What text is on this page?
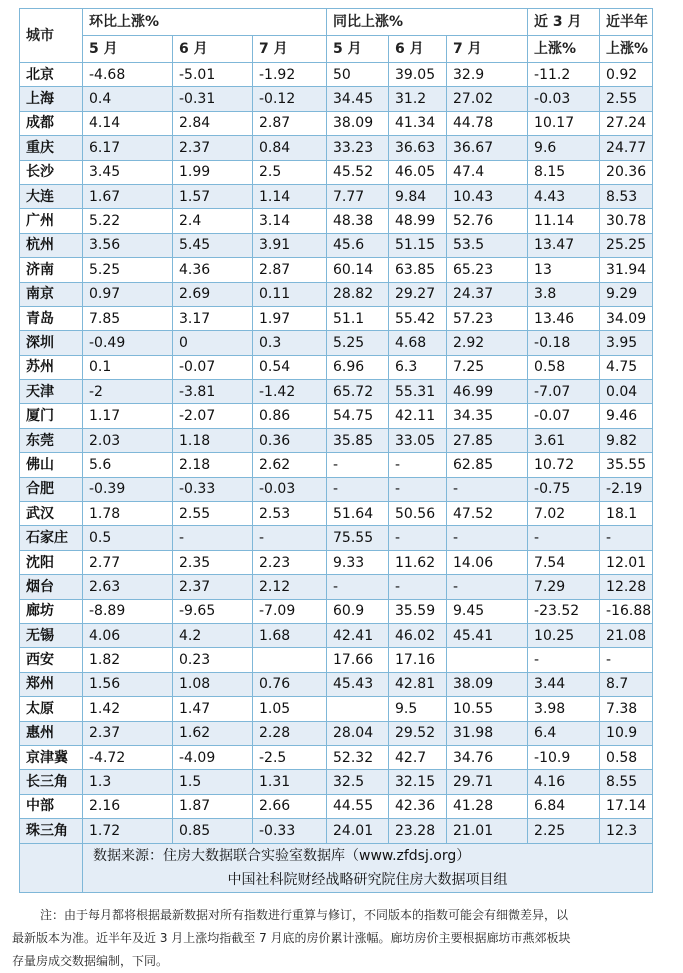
城市	环比上涨%			同比上涨%			近 3 月	近半年
	5 月	6 月	7 月	5 月	6 月	7 月	上涨%	上涨%
北京	-4.68	-5.01	-1.92	50	39.05	32.9	-11.2	0.92
上海	0.4	-0.31	-0.12	34.45	31.2	27.02	-0.03	2.55
成都	4.14	2.84	2.87	38.09	41.34	44.78	10.17	27.24
重庆	6.17	2.37	0.84	33.23	36.63	36.67	9.6	24.77
长沙	3.45	1.99	2.5	45.52	46.05	47.4	8.15	20.36
大连	1.67	1.57	1.14	7.77	9.84	10.43	4.43	8.53
广州	5.22	2.4	3.14	48.38	48.99	52.76	11.14	30.78
杭州	3.56	5.45	3.91	45.6	51.15	53.5	13.47	25.25
济南	5.25	4.36	2.87	60.14	63.85	65.23	13	31.94
南京	0.97	2.69	0.11	28.82	29.27	24.37	3.8	9.29
青岛	7.85	3.17	1.97	51.1	55.42	57.23	13.46	34.09
深圳	-0.49	0	0.3	5.25	4.68	2.92	-0.18	3.95
苏州	0.1	-0.07	0.54	6.96	6.3	7.25	0.58	4.75
天津	-2	-3.81	-1.42	65.72	55.31	46.99	-7.07	0.04
厦门	1.17	-2.07	0.86	54.75	42.11	34.35	-0.07	9.46
东莞	2.03	1.18	0.36	35.85	33.05	27.85	3.61	9.82
佛山	5.6	2.18	2.62	-	-	62.85	10.72	35.55
合肥	-0.39	-0.33	-0.03	-	-	-	-0.75	-2.19
武汉	1.78	2.55	2.53	51.64	50.56	47.52	7.02	18.1
石家庄	0.5	-	-	75.55	-	-	-	-
沈阳	2.77	2.35	2.23	9.33	11.62	14.06	7.54	12.01
烟台	2.63	2.37	2.12	-	-	-	7.29	12.28
廊坊	-8.89	-9.65	-7.09	60.9	35.59	9.45	-23.52	-16.88
无锡	4.06	4.2	1.68	42.41	46.02	45.41	10.25	21.08
西安	1.82	0.23		17.66	17.16		-	-
郑州	1.56	1.08	0.76	45.43	42.81	38.09	3.44	8.7
太原	1.42	1.47	1.05		9.5	10.55	3.98	7.38
惠州	2.37	1.62	2.28	28.04	29.52	31.98	6.4	10.9
京津冀	-4.72	-4.09	-2.5	52.32	42.7	34.76	-10.9	0.58
长三角	1.3	1.5	1.31	32.5	32.15	29.71	4.16	8.55
中部	2.16	1.87	2.66	44.55	42.36	41.28	6.84	17.14
珠三角	1.72	0.85	-0.33	24.01	23.28	21.01	2.25	12.3

	数据来源：住房大数据联合实验室数据库（www.zfdsj.org）
中国社科院财经战略研究院住房大数据项目组							
注：由于每月都将根据最新数据对所有指数进行重算与修订，不同版本的指数可能会有细微差异，以
最新版本为准。近半年及近 3 月上涨均指截至 7 月底的房价累计涨幅。廊坊房价主要根据廊坊市燕郊板块
存量房成交数据编制，下同。
